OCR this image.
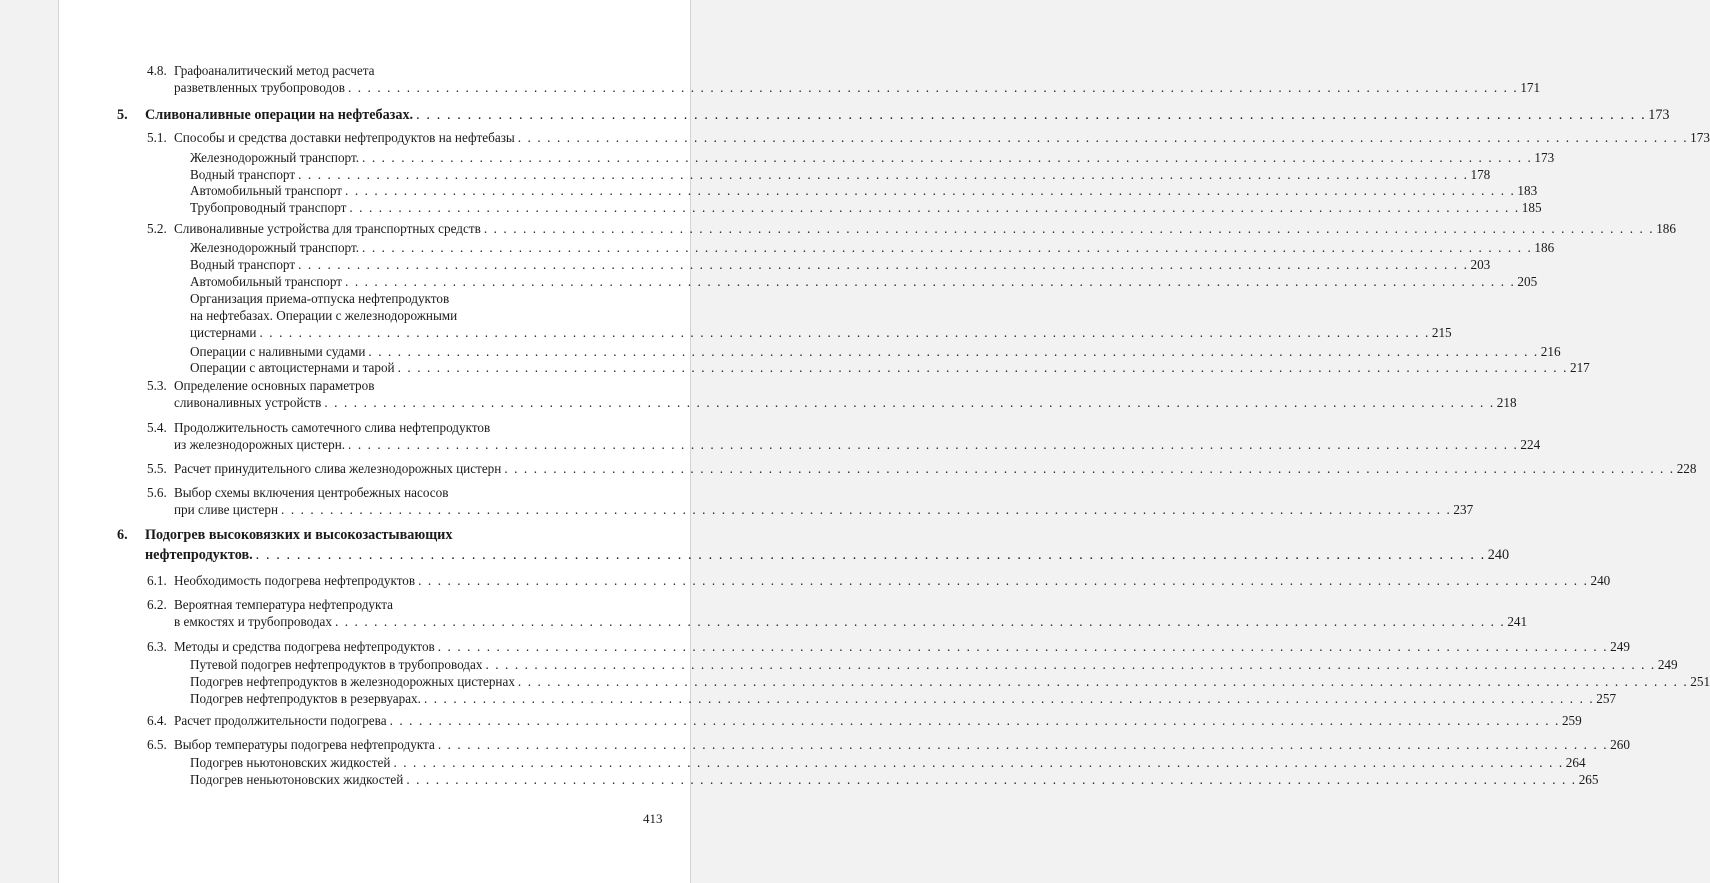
4.8. Графоаналитический метод расчета
разветвленных трубопроводов . . . . . . . . . . . . . . . . . . . . . . . . . . . . . . . . . . . . . . . . . . . . . . . . . . . . . . . . . . . . . . . . . . . . . . . . . . . . . . . . . . . . . . . . . . . . . . . . . . . . . . . . . . . . . . . . . . . . . . . . 171
5. Сливоналивные операции на нефтебазах. . . . . . . . . . . . . . . . . . . . . . . . . . . . . . . . . . . . . . . . . . . . . . . . . . . . . . . . . . . . . . . . . . . . . . . . . . . . . . . . . . . . . . . . . . . . . . . . . . . . . . . . . . . . . . . . . . . . . . . . . 173
5.1. Способы и средства доставки нефтепродуктов на нефтебазы . . . . . . . . . . . . . . . . . . . . . . . . . . . . . . . . . . . . . . . . . . . . . . . . . . . . . . . . . . . . . . . . . . . . . . . . . . . . . . . . . . . . . . . . . . . . . . . . . . . . . . . . . . . . . . . . . . . . . . . . 173
Железнодорожный транспорт. . . . . . . . . . . . . . . . . . . . . . . . . . . . . . . . . . . . . . . . . . . . . . . . . . . . . . . . . . . . . . . . . . . . . . . . . . . . . . . . . . . . . . . . . . . . . . . . . . . . . . . . . . . . . . . . . . . . . . . . . 173
Водный транспорт . . . . . . . . . . . . . . . . . . . . . . . . . . . . . . . . . . . . . . . . . . . . . . . . . . . . . . . . . . . . . . . . . . . . . . . . . . . . . . . . . . . . . . . . . . . . . . . . . . . . . . . . . . . . . . . . . . . . . . . . 178
Автомобильный транспорт . . . . . . . . . . . . . . . . . . . . . . . . . . . . . . . . . . . . . . . . . . . . . . . . . . . . . . . . . . . . . . . . . . . . . . . . . . . . . . . . . . . . . . . . . . . . . . . . . . . . . . . . . . . . . . . . . . . . . . . . 183
Трубопроводный транспорт . . . . . . . . . . . . . . . . . . . . . . . . . . . . . . . . . . . . . . . . . . . . . . . . . . . . . . . . . . . . . . . . . . . . . . . . . . . . . . . . . . . . . . . . . . . . . . . . . . . . . . . . . . . . . . . . . . . . . . . . 185
5.2. Сливоналивные устройства для транспортных средств . . . . . . . . . . . . . . . . . . . . . . . . . . . . . . . . . . . . . . . . . . . . . . . . . . . . . . . . . . . . . . . . . . . . . . . . . . . . . . . . . . . . . . . . . . . . . . . . . . . . . . . . . . . . . . . . . . . . . . . . 186
Железнодорожный транспорт. . . . . . . . . . . . . . . . . . . . . . . . . . . . . . . . . . . . . . . . . . . . . . . . . . . . . . . . . . . . . . . . . . . . . . . . . . . . . . . . . . . . . . . . . . . . . . . . . . . . . . . . . . . . . . . . . . . . . . . . . 186
Водный транспорт . . . . . . . . . . . . . . . . . . . . . . . . . . . . . . . . . . . . . . . . . . . . . . . . . . . . . . . . . . . . . . . . . . . . . . . . . . . . . . . . . . . . . . . . . . . . . . . . . . . . . . . . . . . . . . . . . . . . . . . . 203
Автомобильный транспорт . . . . . . . . . . . . . . . . . . . . . . . . . . . . . . . . . . . . . . . . . . . . . . . . . . . . . . . . . . . . . . . . . . . . . . . . . . . . . . . . . . . . . . . . . . . . . . . . . . . . . . . . . . . . . . . . . . . . . . . . 205
Организация приема-отпуска нефтепродуктов
на нефтебазах. Операции с железнодорожными
цистернами . . . . . . . . . . . . . . . . . . . . . . . . . . . . . . . . . . . . . . . . . . . . . . . . . . . . . . . . . . . . . . . . . . . . . . . . . . . . . . . . . . . . . . . . . . . . . . . . . . . . . . . . . . . . . . . . . . . . . . . . 215
Операции с наливными судами . . . . . . . . . . . . . . . . . . . . . . . . . . . . . . . . . . . . . . . . . . . . . . . . . . . . . . . . . . . . . . . . . . . . . . . . . . . . . . . . . . . . . . . . . . . . . . . . . . . . . . . . . . . . . . . . . . . . . . . . 216
Операции с автоцистернами и тарой . . . . . . . . . . . . . . . . . . . . . . . . . . . . . . . . . . . . . . . . . . . . . . . . . . . . . . . . . . . . . . . . . . . . . . . . . . . . . . . . . . . . . . . . . . . . . . . . . . . . . . . . . . . . . . . . . . . . . . . . 217
5.3. Определение основных параметров
сливоналивных устройств . . . . . . . . . . . . . . . . . . . . . . . . . . . . . . . . . . . . . . . . . . . . . . . . . . . . . . . . . . . . . . . . . . . . . . . . . . . . . . . . . . . . . . . . . . . . . . . . . . . . . . . . . . . . . . . . . . . . . . . . 218
5.4. Продолжительность самотечного слива нефтепродуктов
из железнодорожных цистерн. . . . . . . . . . . . . . . . . . . . . . . . . . . . . . . . . . . . . . . . . . . . . . . . . . . . . . . . . . . . . . . . . . . . . . . . . . . . . . . . . . . . . . . . . . . . . . . . . . . . . . . . . . . . . . . . . . . . . . . . . 224
5.5. Расчет принудительного слива железнодорожных цистерн . . . . . . . . . . . . . . . . . . . . . . . . . . . . . . . . . . . . . . . . . . . . . . . . . . . . . . . . . . . . . . . . . . . . . . . . . . . . . . . . . . . . . . . . . . . . . . . . . . . . . . . . . . . . . . . . . . . . . . . . 228
5.6. Выбор схемы включения центробежных насосов
при сливе цистерн . . . . . . . . . . . . . . . . . . . . . . . . . . . . . . . . . . . . . . . . . . . . . . . . . . . . . . . . . . . . . . . . . . . . . . . . . . . . . . . . . . . . . . . . . . . . . . . . . . . . . . . . . . . . . . . . . . . . . . . . 237
6. Подогрев высоковязких и высокозастывающих
нефтепродуктов. . . . . . . . . . . . . . . . . . . . . . . . . . . . . . . . . . . . . . . . . . . . . . . . . . . . . . . . . . . . . . . . . . . . . . . . . . . . . . . . . . . . . . . . . . . . . . . . . . . . . . . . . . . . . . . . . . . . . . . . . 240
6.1. Необходимость подогрева нефтепродуктов . . . . . . . . . . . . . . . . . . . . . . . . . . . . . . . . . . . . . . . . . . . . . . . . . . . . . . . . . . . . . . . . . . . . . . . . . . . . . . . . . . . . . . . . . . . . . . . . . . . . . . . . . . . . . . . . . . . . . . . . 240
6.2. Вероятная температура нефтепродукта
в емкостях и трубопроводах . . . . . . . . . . . . . . . . . . . . . . . . . . . . . . . . . . . . . . . . . . . . . . . . . . . . . . . . . . . . . . . . . . . . . . . . . . . . . . . . . . . . . . . . . . . . . . . . . . . . . . . . . . . . . . . . . . . . . . . . 241
6.3. Методы и средства подогрева нефтепродуктов . . . . . . . . . . . . . . . . . . . . . . . . . . . . . . . . . . . . . . . . . . . . . . . . . . . . . . . . . . . . . . . . . . . . . . . . . . . . . . . . . . . . . . . . . . . . . . . . . . . . . . . . . . . . . . . . . . . . . . . . 249
Путевой подогрев нефтепродуктов в трубопроводах . . . . . . . . . . . . . . . . . . . . . . . . . . . . . . . . . . . . . . . . . . . . . . . . . . . . . . . . . . . . . . . . . . . . . . . . . . . . . . . . . . . . . . . . . . . . . . . . . . . . . . . . . . . . . . . . . . . . . . . . 249
Подогрев нефтепродуктов в железнодорожных цистернах . . . . . . . . . . . . . . . . . . . . . . . . . . . . . . . . . . . . . . . . . . . . . . . . . . . . . . . . . . . . . . . . . . . . . . . . . . . . . . . . . . . . . . . . . . . . . . . . . . . . . . . . . . . . . . . . . . . . . . . . 251
Подогрев нефтепродуктов в резервуарах. . . . . . . . . . . . . . . . . . . . . . . . . . . . . . . . . . . . . . . . . . . . . . . . . . . . . . . . . . . . . . . . . . . . . . . . . . . . . . . . . . . . . . . . . . . . . . . . . . . . . . . . . . . . . . . . . . . . . . . . . 257
6.4. Расчет продолжительности подогрева . . . . . . . . . . . . . . . . . . . . . . . . . . . . . . . . . . . . . . . . . . . . . . . . . . . . . . . . . . . . . . . . . . . . . . . . . . . . . . . . . . . . . . . . . . . . . . . . . . . . . . . . . . . . . . . . . . . . . . . . 259
6.5. Выбор температуры подогрева нефтепродукта . . . . . . . . . . . . . . . . . . . . . . . . . . . . . . . . . . . . . . . . . . . . . . . . . . . . . . . . . . . . . . . . . . . . . . . . . . . . . . . . . . . . . . . . . . . . . . . . . . . . . . . . . . . . . . . . . . . . . . . . 260
Подогрев ньютоновских жидкостей . . . . . . . . . . . . . . . . . . . . . . . . . . . . . . . . . . . . . . . . . . . . . . . . . . . . . . . . . . . . . . . . . . . . . . . . . . . . . . . . . . . . . . . . . . . . . . . . . . . . . . . . . . . . . . . . . . . . . . . . 264
Подогрев неньютоновских жидкостей . . . . . . . . . . . . . . . . . . . . . . . . . . . . . . . . . . . . . . . . . . . . . . . . . . . . . . . . . . . . . . . . . . . . . . . . . . . . . . . . . . . . . . . . . . . . . . . . . . . . . . . . . . . . . . . . . . . . . . . . 265
413
